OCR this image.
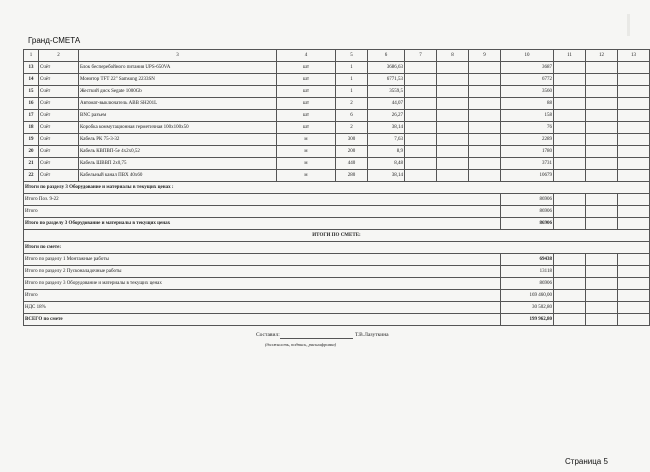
Гранд-СМЕТА
1	2	3	4	5	6	7	8	9	10	11	12	13
13	Счёт	Блок бесперебойного питания UPS-650VA	шт	1	3686,63				3687			
14	Счёт	Монитор TFT 22" Samsung 2233SN	шт	1	6771,53				6772			
15	Счёт	Жесткий диск Segate 1000Gb	шт	1	3559,5				3560			
16	Счёт	Автомат-выключатель ABB SH201L	шт	2	44,07				88			
17	Счёт	BNC разъем	шт	6	26,27				158			
18	Счёт	Коробка коммутационная герметичная 100х100х50	шт	2	38,14				76			
19	Счёт	Кабель РК 75-3-32	м	300	7,63				2289			
20	Счёт	Кабель КВПВП-5е 4х2х0,52	м	200	8,9				1780			
21	Счёт	Кабель ШВВП 2х0,75	м	440	8,48				3731			
22	Счёт	Кабельный канал ПВХ 40х60	м	280	38,14				10679			
Итоги по разделу 3 Оборудование и материалы в текущих ценах :												
Итого Поз. 9-22									86906			
Итого									86906			
Итого по разделу 3 Оборудование и материалы в текущих ценах									86906			
ИТОГИ ПО СМЕТЕ:												
Итоги по смете:												
Итого по разделу 1 Монтажные работы									69438			
Итого по разделу 2 Пусконаладочные работы									13118			
Итого по разделу 3 Оборудование и материалы в текущих ценах									86906			
Итого									169 460,00			
НДС 18%									30 502,80			
ВСЕГО по смете									199 962,80			
Составил:	Т.В.Лазуткина
(должность, подпись, расшифровка)
Страница 5
